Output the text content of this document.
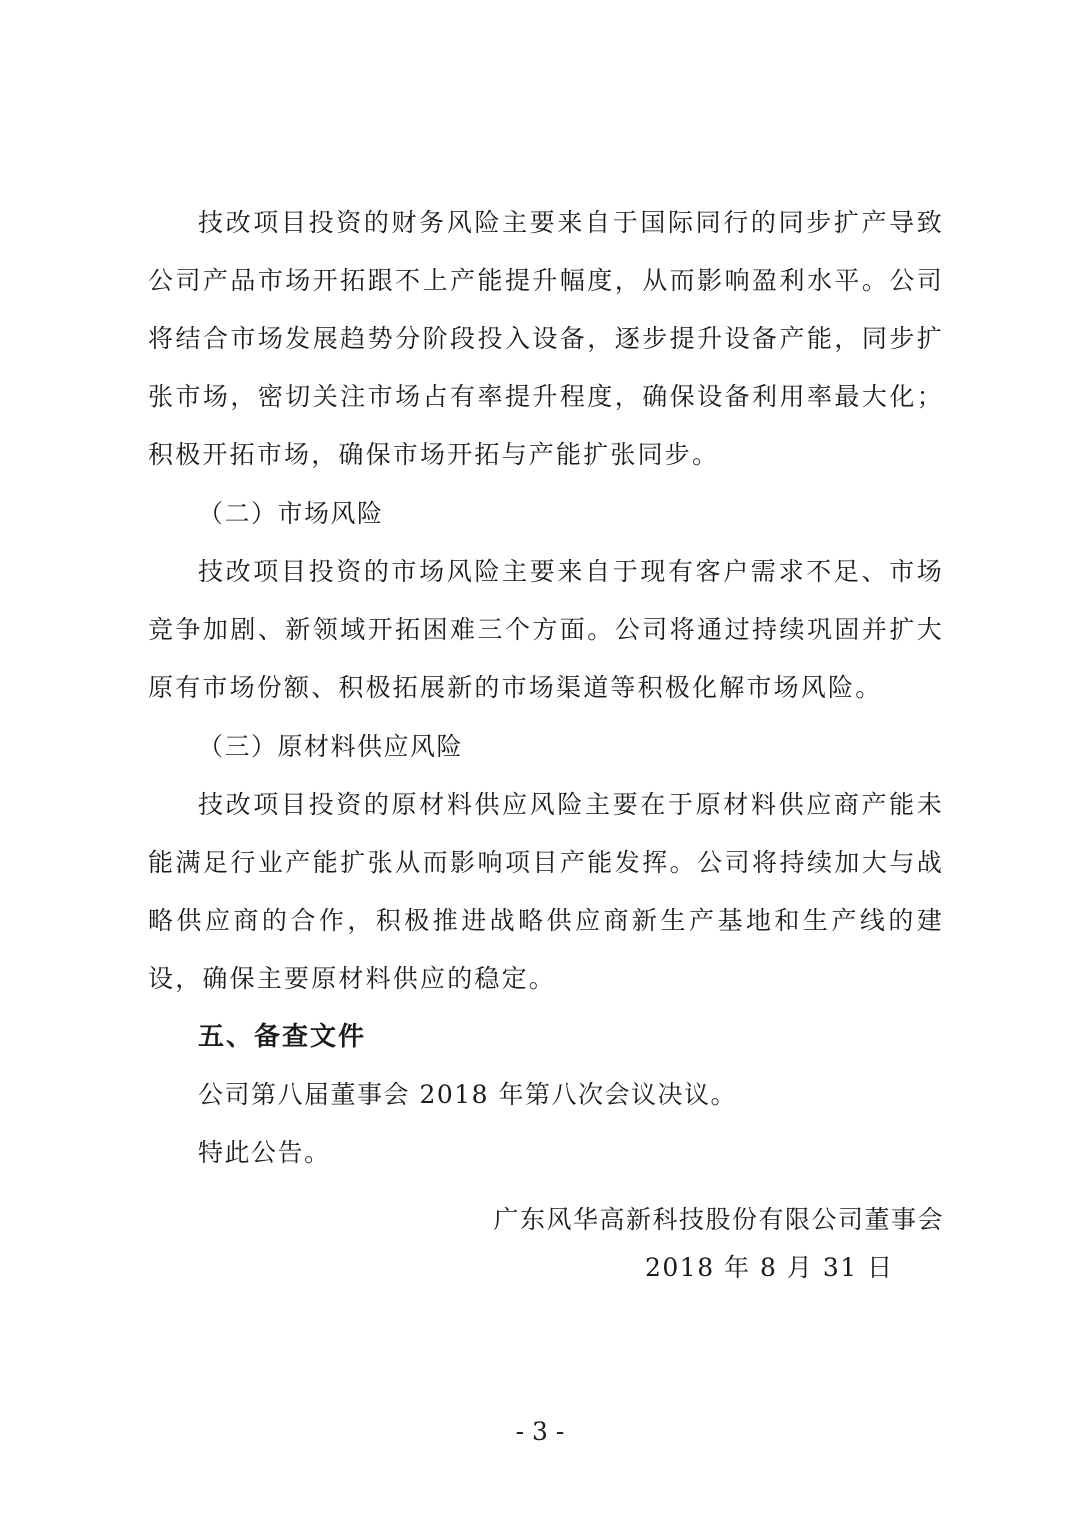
技改项目投资的财务风险主要来自于国际同行的同步扩产导致公司产品市场开拓跟不上产能提升幅度，从而影响盈利水平。公司将结合市场发展趋势分阶段投入设备，逐步提升设备产能，同步扩张市场，密切关注市场占有率提升程度，确保设备利用率最大化；积极开拓市场，确保市场开拓与产能扩张同步。

（二）市场风险

技改项目投资的市场风险主要来自于现有客户需求不足、市场竞争加剧、新领域开拓困难三个方面。公司将通过持续巩固并扩大原有市场份额、积极拓展新的市场渠道等积极化解市场风险。

（三）原材料供应风险

技改项目投资的原材料供应风险主要在于原材料供应商产能未能满足行业产能扩张从而影响项目产能发挥。公司将持续加大与战略供应商的合作，积极推进战略供应商新生产基地和生产线的建设，确保主要原材料供应的稳定。

五、备查文件

公司第八届董事会 2018 年第八次会议决议。

特此公告。

广东风华高新科技股份有限公司董事会
2018 年 8 月 31 日
- 3 -
